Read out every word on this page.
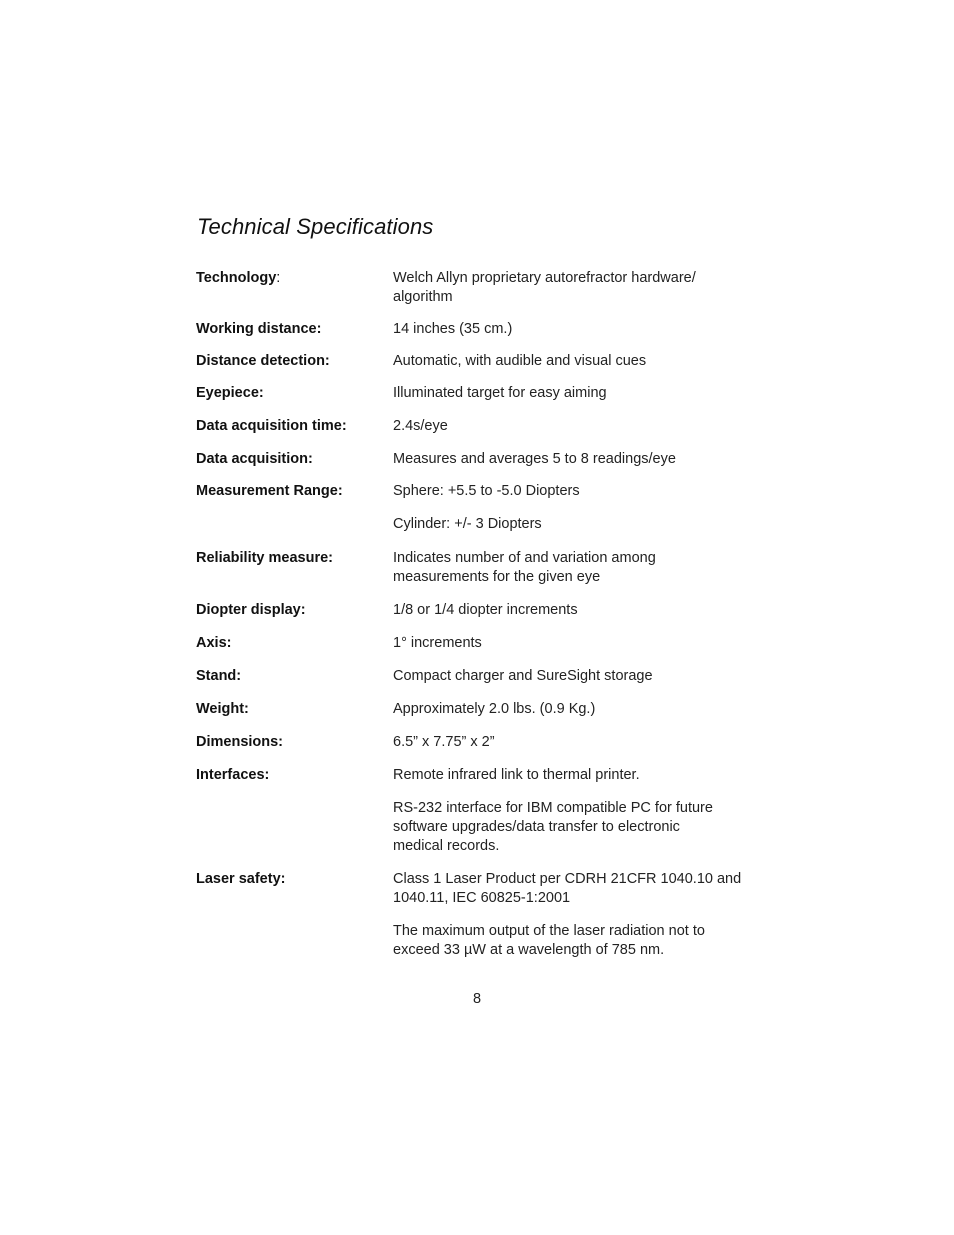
Technical Specifications
Technology:	Welch Allyn proprietary autorefractor hardware/
algorithm
Working distance:	14 inches (35 cm.)
Distance detection:	Automatic, with audible and visual cues
Eyepiece:	Illuminated target for easy aiming
Data acquisition time:	2.4s/eye
Data acquisition:	Measures and averages 5 to 8 readings/eye
Measurement Range:	Sphere: +5.5 to -5.0 Diopters
Cylinder: +/- 3 Diopters
Reliability measure:	Indicates number of and variation among
measurements for the given eye
Diopter display:	1/8 or 1/4 diopter increments
Axis:	1° increments
Stand:	Compact charger and SureSight storage
Weight:	Approximately 2.0 lbs. (0.9 Kg.)
Dimensions:	6.5” x 7.75” x 2”
Interfaces:	Remote infrared link to thermal printer.
RS-232 interface for IBM compatible PC for future
software upgrades/data transfer to electronic
medical records.
Laser safety:	Class 1 Laser Product per CDRH 21CFR 1040.10 and
1040.11, IEC 60825-1:2001
The maximum output of the laser radiation not to
exceed 33 µW at a wavelength of 785 nm.
8
